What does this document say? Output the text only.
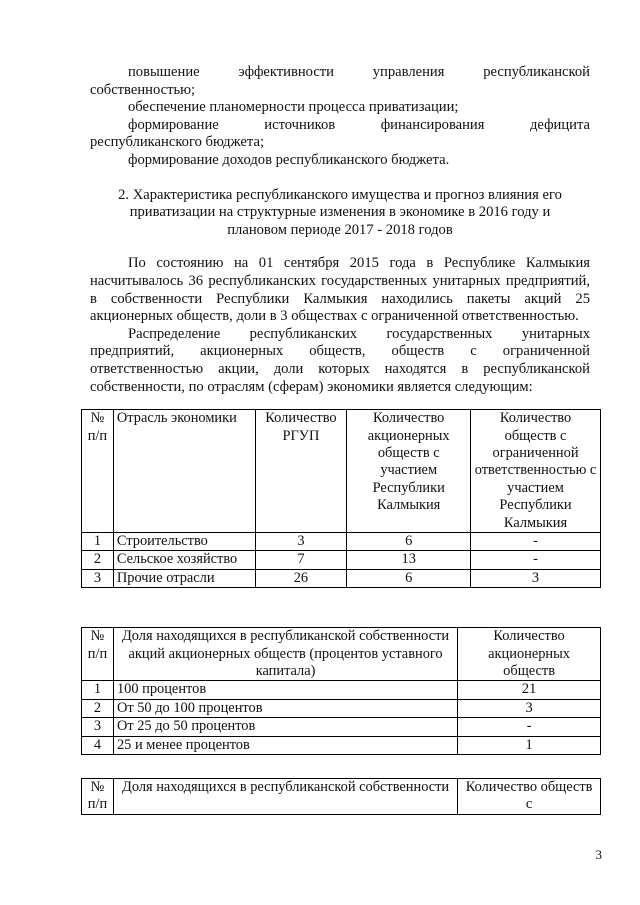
повышение эффективности управления республиканской

собственностью;

обеспечение планомерности процесса приватизации;

формирование источников финансирования дефицита

республиканского бюджета;

формирование доходов республиканского бюджета.

2. Характеристика республиканского имущества и прогноз влияния его

приватизации на структурные изменения в экономике в 2016 году и

плановом периоде 2017 - 2018 годов

По состоянию на 01 сентября 2015 года в Республике Калмыкия насчитывалось 36 республиканских государственных унитарных предприятий, в собственности Республики Калмыкия находились пакеты акций 25 акционерных обществ, доли в 3 обществах с ограниченной ответственностью.

Распределение республиканских государственных унитарных предприятий, акционерных обществ, обществ с ограниченной ответственностью акции, доли которых находятся в республиканской собственности, по отраслям (сферам) экономики является следующим:

№ п/п	Отрасль экономики	Количество РГУП	Количество акционерных обществ с участием Республики Калмыкия	Количество обществ с ограниченной ответственностью с участием Республики Калмыкия
1	Строительство	3	6	-
2	Сельское хозяйство	7	13	-
3	Прочие отрасли	26	6	3
№ п/п	Доля находящихся в республиканской собственности акций акционерных обществ (процентов уставного капитала)	Количество акционерных обществ
1	100 процентов	21
2	От 50 до 100 процентов	3
3	От 25 до 50 процентов	-
4	25 и менее процентов	1
№ п/п	Доля находящихся в республиканской собственности	Количество обществ с
3
